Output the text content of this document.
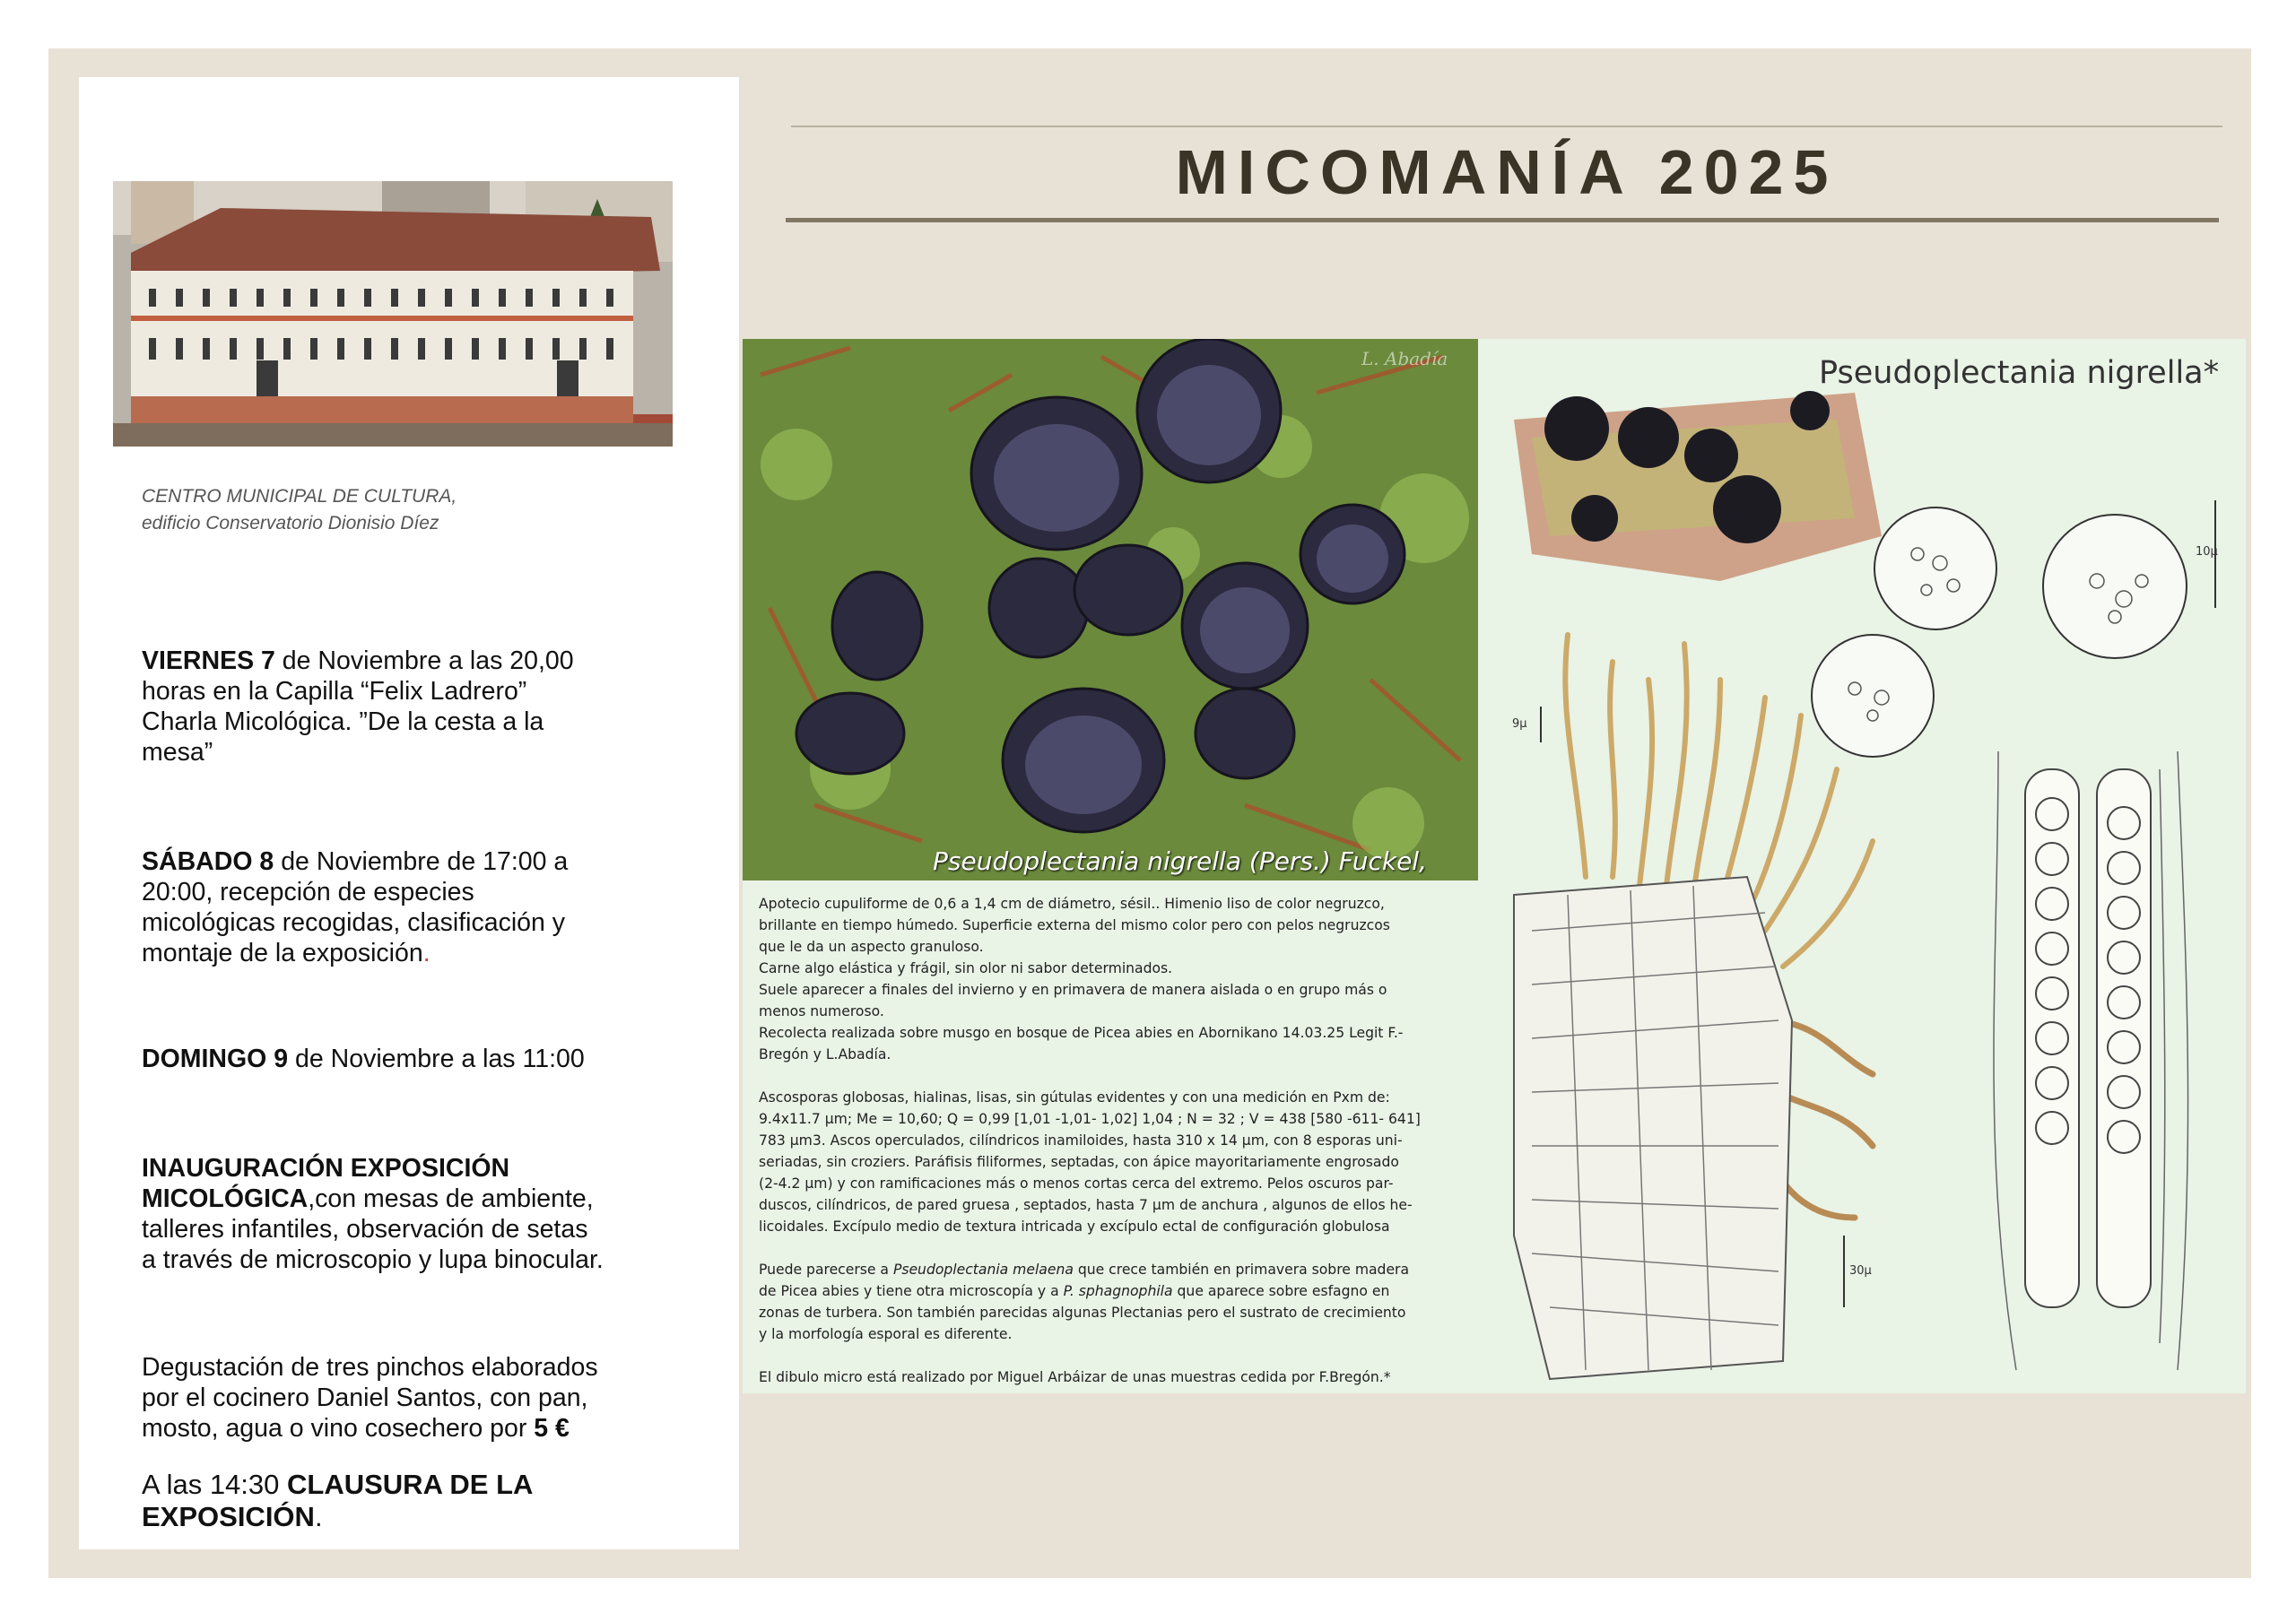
CENTRO MUNICIPAL DE CULTURA,
edificio Conservatorio Dionisio Díez
VIERNES 7 de Noviembre a las 20,00
horas en la Capilla “Felix Ladrero”
Charla Micológica. ”De la cesta a la
mesa”
SÁBADO 8 de Noviembre de 17:00 a
20:00, recepción de especies
micológicas recogidas, clasificación y
montaje de la exposición.
DOMINGO 9 de Noviembre a las 11:00
INAUGURACIÓN EXPOSICIÓN
MICOLÓGICA,con mesas de ambiente,
talleres infantiles, observación de setas
a través de microscopio y lupa binocular.
Degustación de tres pinchos elaborados
por el cocinero Daniel Santos, con pan,
mosto, agua o vino cosechero por 5 €
A las 14:30 CLAUSURA DE LA
EXPOSICIÓN.
MICOMANÍA 2025
L. Abadía
Pseudoplectania nigrella (Pers.) Fuckel,

Apotecio cupuliforme de 0,6 a 1,4 cm de diámetro, sésil.. Himenio liso de color negruzco,

brillante en tiempo húmedo. Superficie externa del mismo color pero con pelos negruzcos

que le da un aspecto granuloso.

Carne algo elástica y frágil, sin olor ni sabor determinados.

Suele aparecer a finales del invierno y en primavera de manera aislada o en grupo más o

menos numeroso.

Recolecta realizada sobre musgo en bosque de Picea abies en Abornikano 14.03.25 Legit F.-

Bregón y L.Abadía.

Ascosporas globosas, hialinas, lisas, sin gútulas evidentes y con una medición en Pxm de:

9.4x11.7 µm; Me = 10,60; Q = 0,99 [1,01 -1,01- 1,02] 1,04 ; N = 32 ; V = 438 [580 -611- 641]

783 µm3. Ascos operculados, cilíndricos inamiloides, hasta 310 x 14 µm, con 8 esporas uni-

seriadas, sin croziers. Paráfisis filiformes, septadas, con ápice mayoritariamente engrosado

(2-4.2 µm) y con ramificaciones más o menos cortas cerca del extremo. Pelos oscuros par-

duscos, cilíndricos, de pared gruesa , septados, hasta 7 µm de anchura , algunos de ellos he-

licoidales. Excípulo medio de textura intricada y excípulo ectal de configuración globulosa

Puede parecerse a Pseudoplectania melaena que crece también en primavera sobre madera

de Picea abies y tiene otra microscopía y a P. sphagnophila que aparece sobre esfagno en

zonas de turbera. Son también parecidas algunas Plectanias pero el sustrato de crecimiento

y la morfología esporal es diferente.

El dibulo micro está realizado por Miguel Arbáizar de unas muestras cedida por F.Bregón.*

10µ
9µ
30µ
Pseudoplectania nigrella*
